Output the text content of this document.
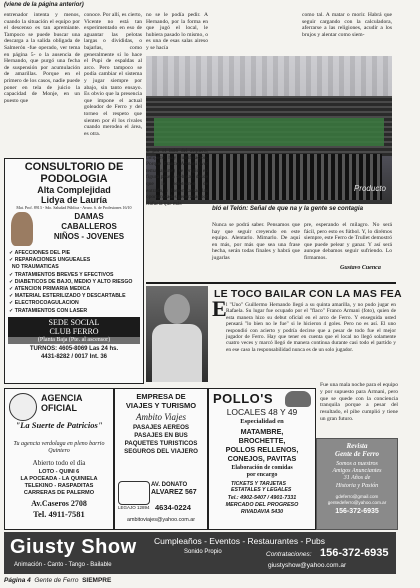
(viene de la página anterior)
entrenador intenta y menos, cuando la situación el equipo por el descenso es tan apremiante. Tampoco se puede buscar una descarga a la salida obligada de Salmerón -fue operado, ver tema en página 5- o la ausencia de Hernando, que purgó una fecha de suspensión por acumulación de amarillas. Porque en el primero de los casos, nadie puede poner en tela de juicio la capacidad de Monje, en un puesto que
conoce. Por allí, es cierto, Vicente no está tan experimentado en eso de aguantar las pelotas largas o divididas, o bajarlas, como generalmente sí lo hace el Pupi de espaldas al arco. Pero tampoco se podía cambiar el sistema y jugar siempre por abajo, sin tanto ensayo. Es obvio que la presencia que impone el actual goleador de Ferro y del torneo el respeto que sienten por él los rivales cuando merodea el área, es otra.
no se le podía pedir. A Hernando, por la forma en que jugó el local, le hubiera pasado lo mismo, o es una de esas salas aireso y se hacía
como tal. A matar o morir. Habrá que seguir cargando con la calculadora, aferrarse a las religiones, acudir a los brujos y alentar como siem-
Producto
bló el Telón: Señal de que na y la gente se contagia
Y por el lado del arquero, tampoco hay justificación. Porque Franco Armani (ver tema aparte) se erigió en figura pese a debutar, desde que le pelotearon de entrada, y fueron tantas las oportunidades generadas por Rafaela que más
Nunca se podrá saber. Pensamos que hay que seguir creyendo en este equipo. Alentarlo. Mimarlo. De aquí en más, por más que sea una frase hecha, serán todas finales y habrá que jugarlas
pre, esperando el milagro. No será fácil, pero esto es fútbol. Y, lo dirémos siempre, este Ferro de Trullet demostró que puede pelear y ganar. Y así será aunque debamos seguir sufriendo. Lo firmamos.
Gustavo Cuenca
CONSULTORIO DE PODOLOGIA
Alta Complejidad
Lidya de Lauría
Mat. Prof. 8913 - Sdo. Saludad Pública - Avaro. 6. de Profesiones 16/10
DAMAS
CABALLEROS
NIÑOS - JOVENES
✓ AFECCIONES DEL PIE
✓ REPARACIONES UNGUEALES
NO TRAUMATICAS
✓ TRATAMIENTOS BREVES Y EFECTIVOS
✓ DIABETICOS DE BAJO, MEDIO Y ALTO RIESGO
✓ ATENCION PRIMARIA MEDICA
✓ MATERIAL ESTERILIZADO Y DESCARTABLE
✓ ELECTROCOAGULACION
✓ TRATAMIENTOS CON LASER
SEDE SOCIAL
CLUB FERRO
(Planta Baja (Pte. al ascensor)
TURNOS: 4605-8069 Las 24 hs.
4431-8282 / 0017 Int. 36
LE TOCO BAILAR CON LA MAS FEA
E l "Uno" Guillermo Hernando llegó a su quinta amarilla, y no pudo jugar en Rafaela. Su lugar fue ocupado por el "flaco" Franco Armani (foto), quien de esta manera hizo su debut oficial en el arco de Ferro. Y enseguida usted pensará "lo bien no le fue" si le hicieron 4 goles. Pero no es así. El uno respondió con acierto y podría decirse que a pesar de todo fue el mejor jugador de Ferro. Hay que tener en cuenta que el local no llegó solamente cuatro veces y marcó llegó de manera continua durante casi todo el partido y en ese caso la responsabilidad nunca es de un solo jugador.
Fue una mala noche para el equipo y por supuesto para Armani, pero que se quede con la conciencia tranquila porque a pesar del resultado, el pibe cumplió y tiene un gran futuro.
AGENCIA
OFICIAL
"La Suerte de Patricios"
Tu agencia verdolaga en pleno barrio Quintero
Abierto todo el día
LOTO - QUINI 6
LA POCEADA - LA QUINIELA
TELEKINO - RASPADITAS
CARRERAS DE PALERMO
Av.Caseros 2708
Tel. 4911-7581
EMPRESA DE
VIAJES Y TURISMO
Ambito Viajes
PASAJES AEREOS
PASAJES EN BUS
PAQUETES TURISTICOS
SEGUROS DEL VIAJERO
AV. DONATO
ALVAREZ 567
LEGAJO 12894 4634-0224
ambitoviajes@yahoo.com.ar
POLLO'S
LOCALES 48 Y 49
Especialidad en
MATAMBRE,
BROCHETTE,
POLLOS RELLENOS,
CONEJOS, PAVITAS
Elaboración de comidas
por encargo
TICKETS Y TARJETAS
ESTATALES Y LEGALES
Tel.: 4902-5407 / 4901-7331
MERCADO DEL PROGRESO
RIVADAVIA 5430
Revista
Gente de Ferro
Somos a nuestros
Amigos Anunciantes
31 Años de
Historia y Pasión
gdeferro@gmail.com
gentedeferro@yahoo.com.ar
156-372-6935
Giusty Show Cumpleaños - Eventos - Restaurantes - Pubs
Sonido Propio	Contrataciones: 156-372-6935
Animación - Canto - Tango - Bailable	giustyshow@yahoo.com.ar
Página 4 Gente de Ferro SIEMPRE
